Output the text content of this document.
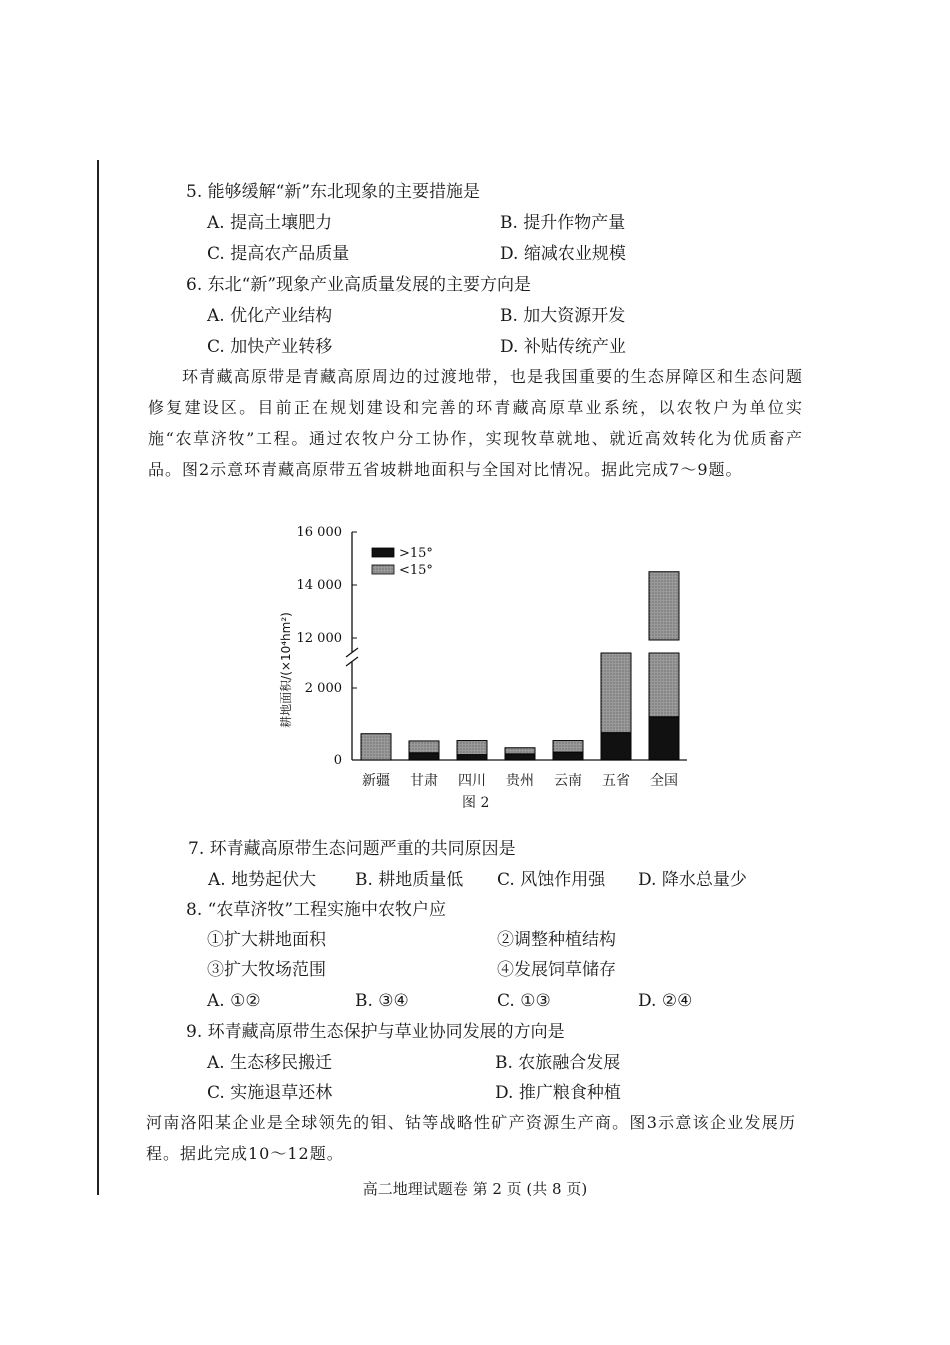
5. 能够缓解“新”东北现象的主要措施是
A. 提高土壤肥力	B. 提升作物产量
C. 提高农产品质量	D. 缩减农业规模
6. 东北“新”现象产业高质量发展的主要方向是
A. 优化产业结构	B. 加大资源开发
C. 加快产业转移	D. 补贴传统产业
环青藏高原带是青藏高原周边的过渡地带，也是我国重要的生态屏障区和生态问题修复建设区。目前正在规划建设和完善的环青藏高原草业系统，以农牧户为单位实施“农草济牧”工程。通过农牧户分工协作，实现牧草就地、就近高效转化为优质畜产品。图2示意环青藏高原带五省坡耕地面积与全国对比情况。据此完成7～9题。
0
2 000
12 000
14 000
16 000
新疆 甘肃 四川 贵州 云南 五省 全国
>15°
<15°
耕地面积/(×10⁴hm²)
图 2
7. 环青藏高原带生态问题严重的共同原因是
A. 地势起伏大 B. 耕地质量低 C. 风蚀作用强 D. 降水总量少
8. “农草济牧”工程实施中农牧户应
①扩大耕地面积	②调整种植结构
③扩大牧场范围	④发展饲草储存
A. ①②	B. ③④	C. ①③	D. ②④
9. 环青藏高原带生态保护与草业协同发展的方向是
A. 生态移民搬迁	B. 农旅融合发展
C. 实施退草还林	D. 推广粮食种植
河南洛阳某企业是全球领先的钼、钴等战略性矿产资源生产商。图3示意该企业发展历程。据此完成10～12题。
高二地理试题卷 第 2 页 (共 8 页)
